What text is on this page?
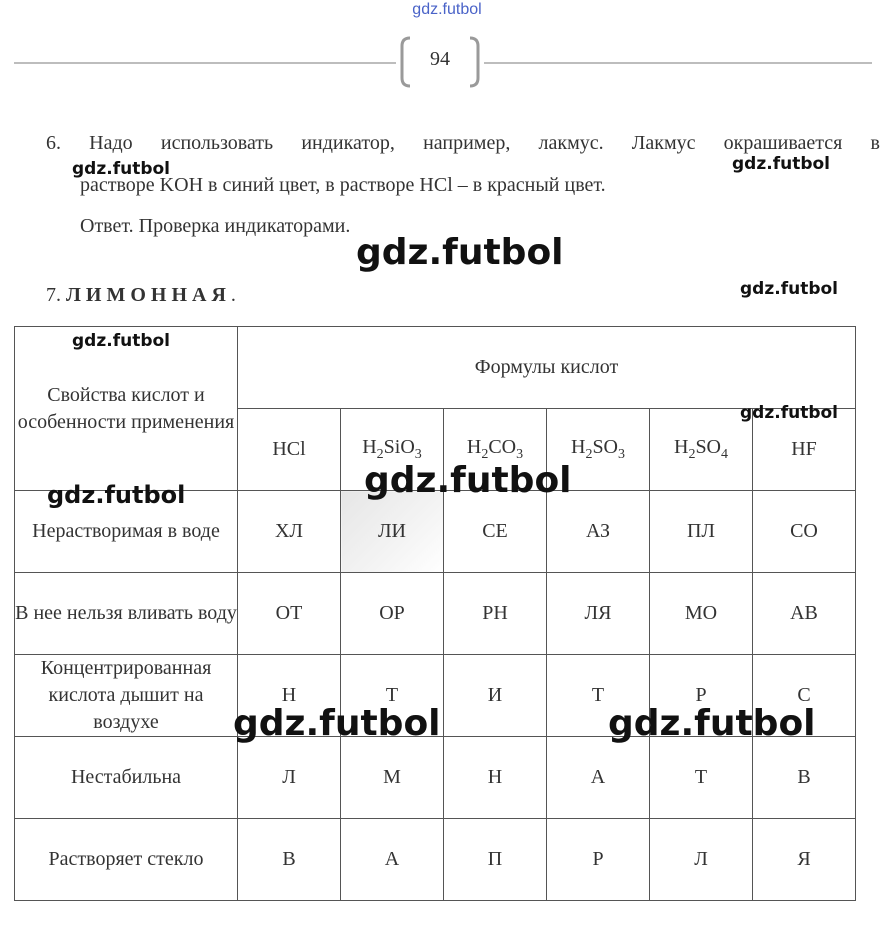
gdz.futbol
94
6. Надо использовать индикатор, например, лакмус. Лакмус окрашивается в
растворе KOH в синий цвет, в растворе HCl – в красный цвет.
Ответ. Проверка индикаторами.
7. ЛИМОННАЯ.
Свойства кислот и особенности применения	Формулы кислот					
	HCl	$H_2SiO_3$	$H_2CO_3$	$H_2SO_3$	$H_2SO_4$	HF
Нерастворимая в воде	ХЛ	ЛИ	СЕ	АЗ	ПЛ	СО
В нее нельзя вливать воду	ОТ	ОР	РН	ЛЯ	МО	АВ
Концентрированная кислота дышит на воздухе	Н	Т	И	Т	Р	С
Нестабильна	Л	М	Н	А	Т	В
Растворяет стекло	В	А	П	Р	Л	Я
gdz.futbol	gdz.futbol
gdz.futbol
gdz.futbol
gdz.futbol
gdz.futbol
gdz.futbol
gdz.futbol
gdz.futbol	gdz.futbol
